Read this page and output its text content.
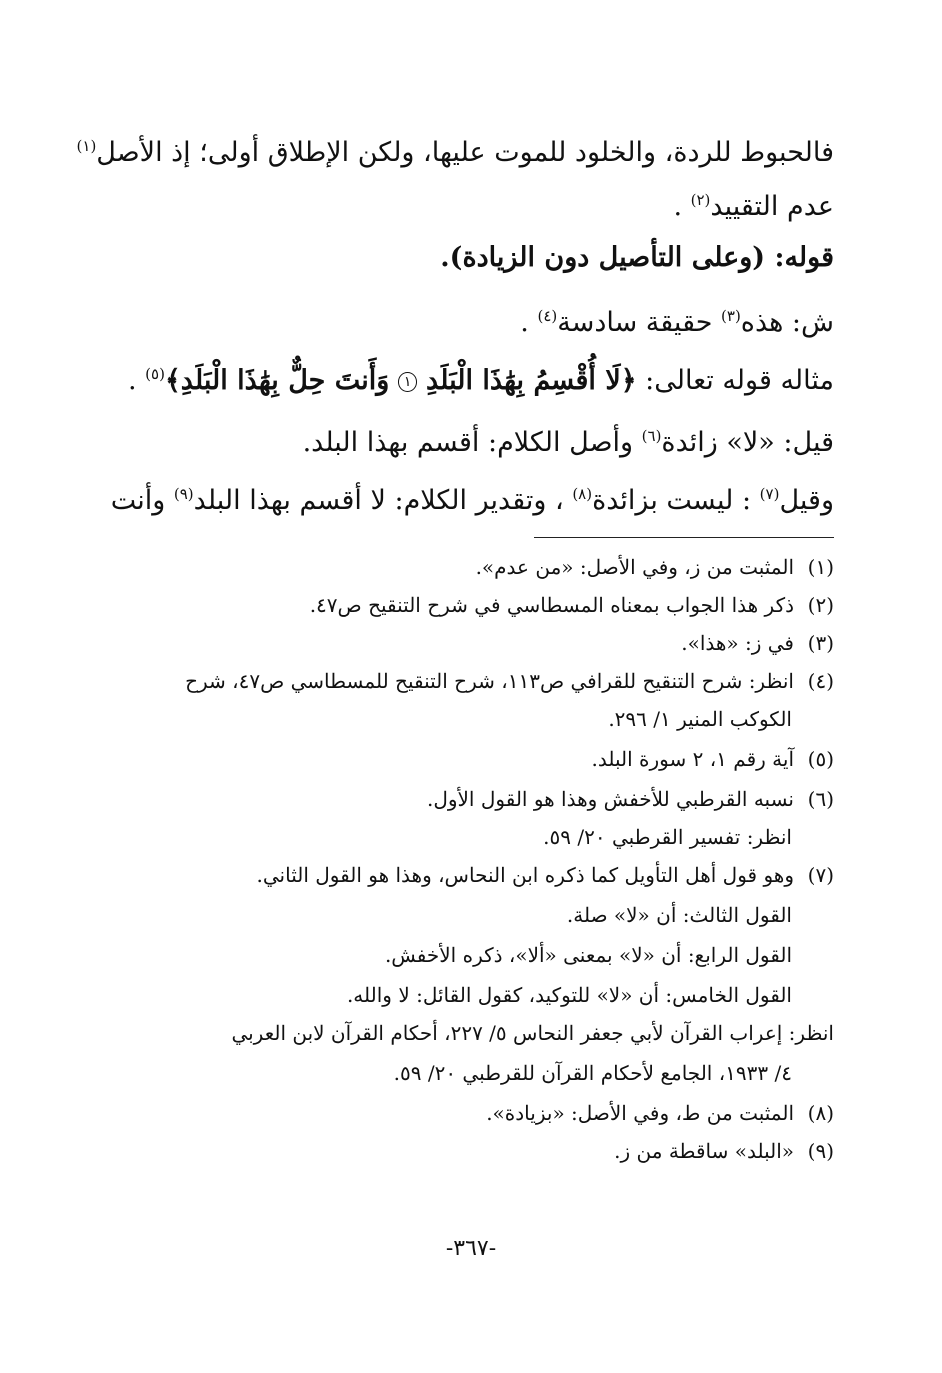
فالحبوط للردة، والخلود للموت عليها، ولكن الإطلاق أولى؛ إذ الأصل$^{(١)}$
عدم التقييد$^{(٢)}$ .
قوله: (وعلى التأصيل دون الزيادة).
ش: هذه$^{(٣)}$ حقيقة سادسة$^{(٤)}$ .
مثاله قوله تعالى: ﴿لَا أُقْسِمُ بِهَٰذَا الْبَلَدِ ١ وَأَنتَ حِلٌّ بِهَٰذَا الْبَلَدِ﴾$^{(٥)}$ .
قيل: «لا» زائدة$^{(٦)}$ وأصل الكلام: أقسم بهذا البلد.
وقيل$^{(٧)}$ : ليست بزائدة$^{(٨)}$ ، وتقدير الكلام: لا أقسم بهذا البلد$^{(٩)}$ وأنت
(١)المثبت من ز، وفي الأصل: «من عدم».
(٢)ذكر هذا الجواب بمعناه المسطاسي في شرح التنقيح ص٤٧.
(٣)في ز: «هذا».
(٤)انظر: شرح التنقيح للقرافي ص١١٣، شرح التنقيح للمسطاسي ص٤٧، شرح
الكوكب المنير ١/ ٢٩٦.
(٥)آية رقم ١، ٢ سورة البلد.
(٦)نسبه القرطبي للأخفش وهذا هو القول الأول.
انظر: تفسير القرطبي ٢٠/ ٥٩.
(٧)وهو قول أهل التأويل كما ذكره ابن النحاس، وهذا هو القول الثاني.
القول الثالث: أن «لا» صلة.
القول الرابع: أن «لا» بمعنى «ألا»، ذكره الأخفش.
القول الخامس: أن «لا» للتوكيد، كقول القائل: لا والله.
انظر: إعراب القرآن لأبي جعفر النحاس ٥/ ٢٢٧، أحكام القرآن لابن العربي
٤/ ١٩٣٣، الجامع لأحكام القرآن للقرطبي ٢٠/ ٥٩.
(٨)المثبت من ط، وفي الأصل: «بزيادة».
(٩)«البلد» ساقطة من ز.
-٣٦٧-
